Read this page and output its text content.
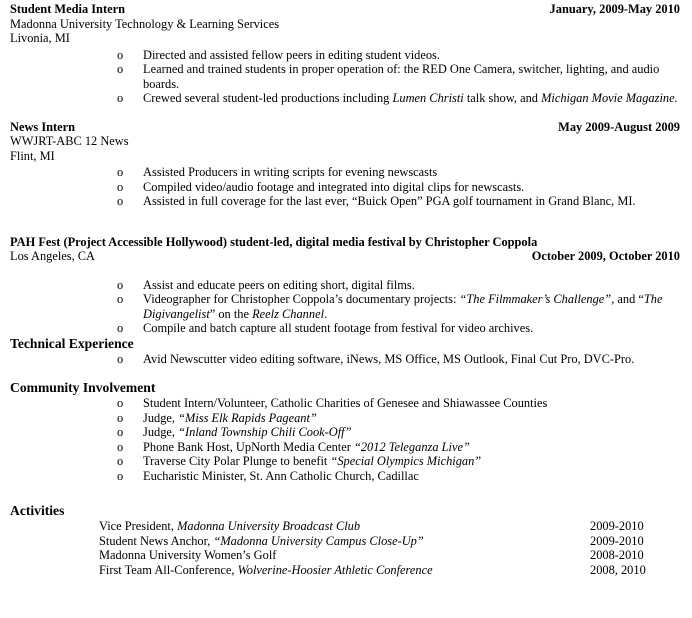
Student Media Intern	January, 2009-May 2010
Madonna University Technology & Learning Services
Livonia, MI
o Directed and assisted fellow peers in editing student videos.
o Learned and trained students in proper operation of: the RED One Camera, switcher, lighting, and audio boards.
o Crewed several student-led productions including Lumen Christi talk show, and Michigan Movie Magazine.
News Intern	May 2009-August 2009
WWJRT-ABC 12 News
Flint, MI
o Assisted Producers in writing scripts for evening newscasts
o Compiled video/audio footage and integrated into digital clips for newscasts.
o Assisted in full coverage for the last ever, “Buick Open” PGA golf tournament in Grand Blanc, MI.
PAH Fest (Project Accessible Hollywood) student-led, digital media festival by Christopher Coppola
Los Angeles, CA	October 2009, October 2010
o Assist and educate peers on editing short, digital films.
o Videographer for Christopher Coppola’s documentary projects: “The Filmmaker’s Challenge”, and “The Digivangelist” on the Reelz Channel.
o Compile and batch capture all student footage from festival for video archives.
Technical Experience
o Avid Newscutter video editing software, iNews, MS Office, MS Outlook, Final Cut Pro, DVC-Pro.
Community Involvement
o Student Intern/Volunteer, Catholic Charities of Genesee and Shiawassee Counties
o Judge, “Miss Elk Rapids Pageant”
o Judge, “Inland Township Chili Cook-Off”
o Phone Bank Host, UpNorth Media Center “2012 Teleganza Live”
o Traverse City Polar Plunge to benefit “Special Olympics Michigan”
o Eucharistic Minister, St. Ann Catholic Church, Cadillac
Activities
Vice President, Madonna University Broadcast Club	2009-2010
Student News Anchor, “Madonna University Campus Close-Up”	2009-2010
Madonna University Women’s Golf	2008-2010
First Team All-Conference, Wolverine-Hoosier Athletic Conference	2008, 2010
